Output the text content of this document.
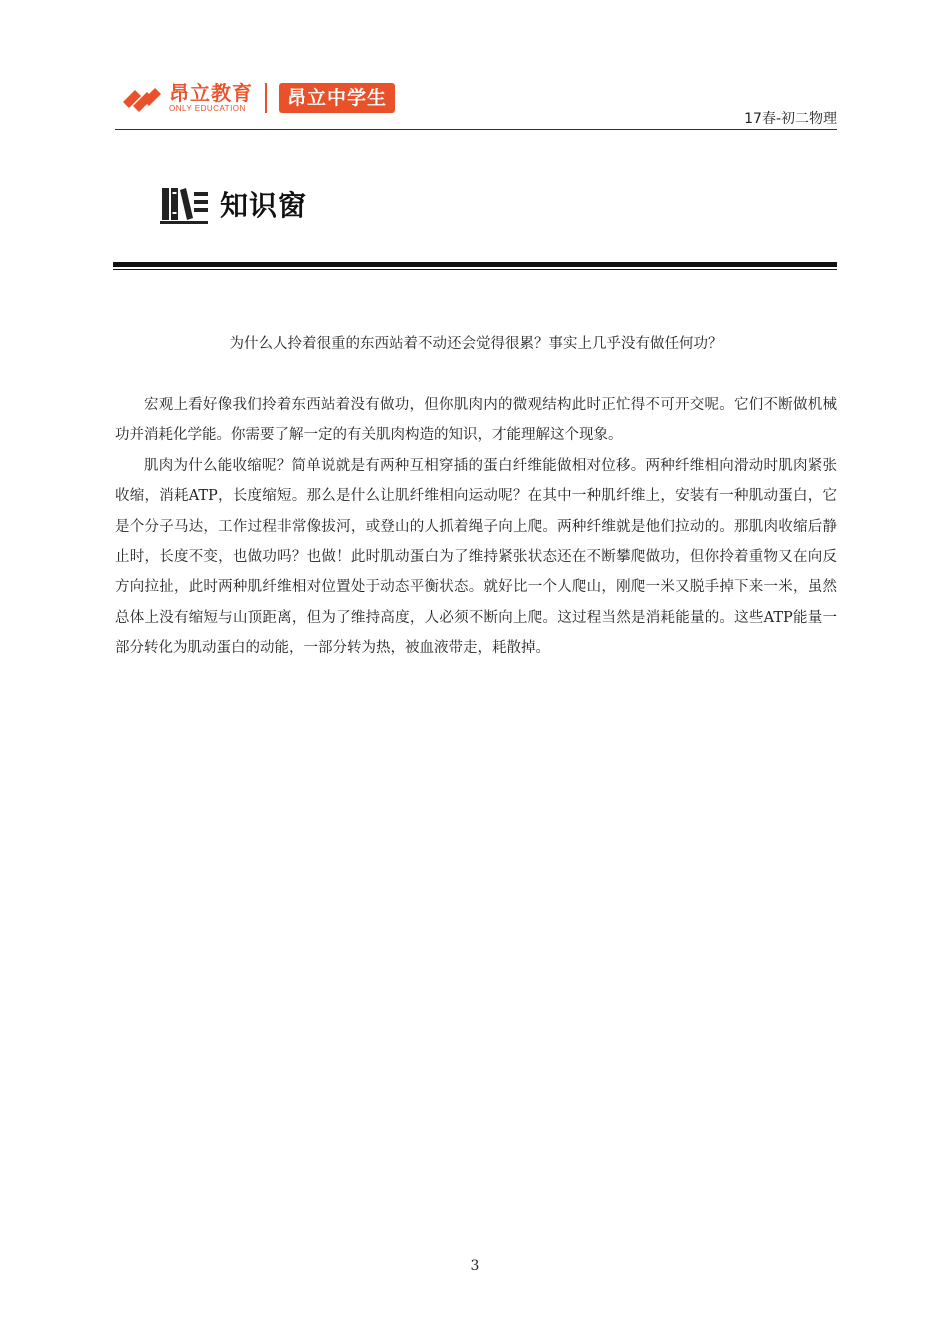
昂立教育
ONLY EDUCATION	昂立中学生
17春-初二物理
知识窗
为什么人拎着很重的东西站着不动还会觉得很累？事实上几乎没有做任何功？

宏观上看好像我们拎着东西站着没有做功，但你肌肉内的微观结构此时正忙得不可开交呢。它们不断做机械功并消耗化学能。你需要了解一定的有关肌肉构造的知识，才能理解这个现象。

肌肉为什么能收缩呢？简单说就是有两种互相穿插的蛋白纤维能做相对位移。两种纤维相向滑动时肌肉紧张收缩，消耗ATP，长度缩短。那么是什么让肌纤维相向运动呢？在其中一种肌纤维上，安装有一种肌动蛋白，它是个分子马达，工作过程非常像拔河，或登山的人抓着绳子向上爬。两种纤维就是他们拉动的。那肌肉收缩后静止时，长度不变，也做功吗？也做！此时肌动蛋白为了维持紧张状态还在不断攀爬做功，但你拎着重物又在向反方向拉扯，此时两种肌纤维相对位置处于动态平衡状态。就好比一个人爬山，刚爬一米又脱手掉下来一米，虽然总体上没有缩短与山顶距离，但为了维持高度，人必须不断向上爬。这过程当然是消耗能量的。这些ATP能量一部分转化为肌动蛋白的动能，一部分转为热，被血液带走，耗散掉。

3
